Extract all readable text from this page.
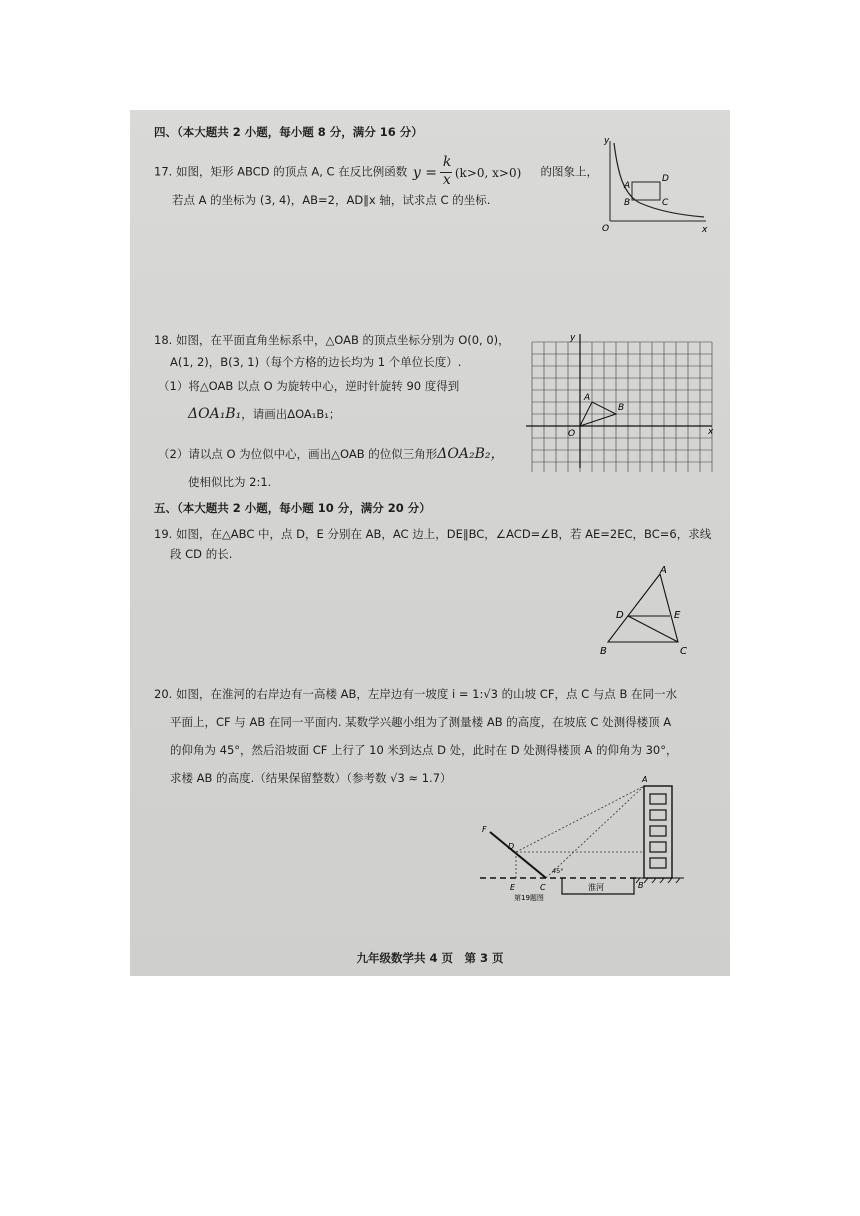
四、（本大题共 2 小题，每小题 8 分，满分 16 分）
17. 如图，矩形 ABCD 的顶点 A, C 在反比例函数 y =
k
x (k>0, x>0) 的图象上，
若点 A 的坐标为 (3, 4)，AB=2，AD∥x 轴，试求点 C 的坐标.
y
x
O
A
B	C
D
18. 如图，在平面直角坐标系中，△OAB 的顶点坐标分别为 O(0, 0)，
A(1, 2)，B(3, 1)（每个方格的边长均为 1 个单位长度）.
（1）将△OAB 以点 O 为旋转中心，逆时针旋转 90 度得到
ΔOA₁B₁，请画出ΔOA₁B₁；
（2）请以点 O 为位似中心，画出△OAB 的位似三角形ΔOA₂B₂，
使相似比为 2:1.
y
x
O
A
B
五、（本大题共 2 小题，每小题 10 分，满分 20 分）
19. 如图，在△ABC 中，点 D，E 分别在 AB，AC 边上，DE∥BC，∠ACD=∠B，若 AE=2EC，BC=6，求线
段 CD 的长.
A
B	C
D	E
20. 如图，在淮河的右岸边有一高楼 AB，左岸边有一坡度 i = 1:√3 的山坡 CF，点 C 与点 B 在同一水
平面上，CF 与 AB 在同一平面内. 某数学兴趣小组为了测量楼 AB 的高度，在坡底 C 处测得楼顶 A
的仰角为 45°，然后沿坡面 CF 上行了 10 米到达点 D 处，此时在 D 处测得楼顶 A 的仰角为 30°，
求楼 AB 的高度.（结果保留整数）（参考数 √3 ≈ 1.7）
F
D
E	C	B
A
45°
淮河
第19题图
九年级数学共 4 页　第 3 页
